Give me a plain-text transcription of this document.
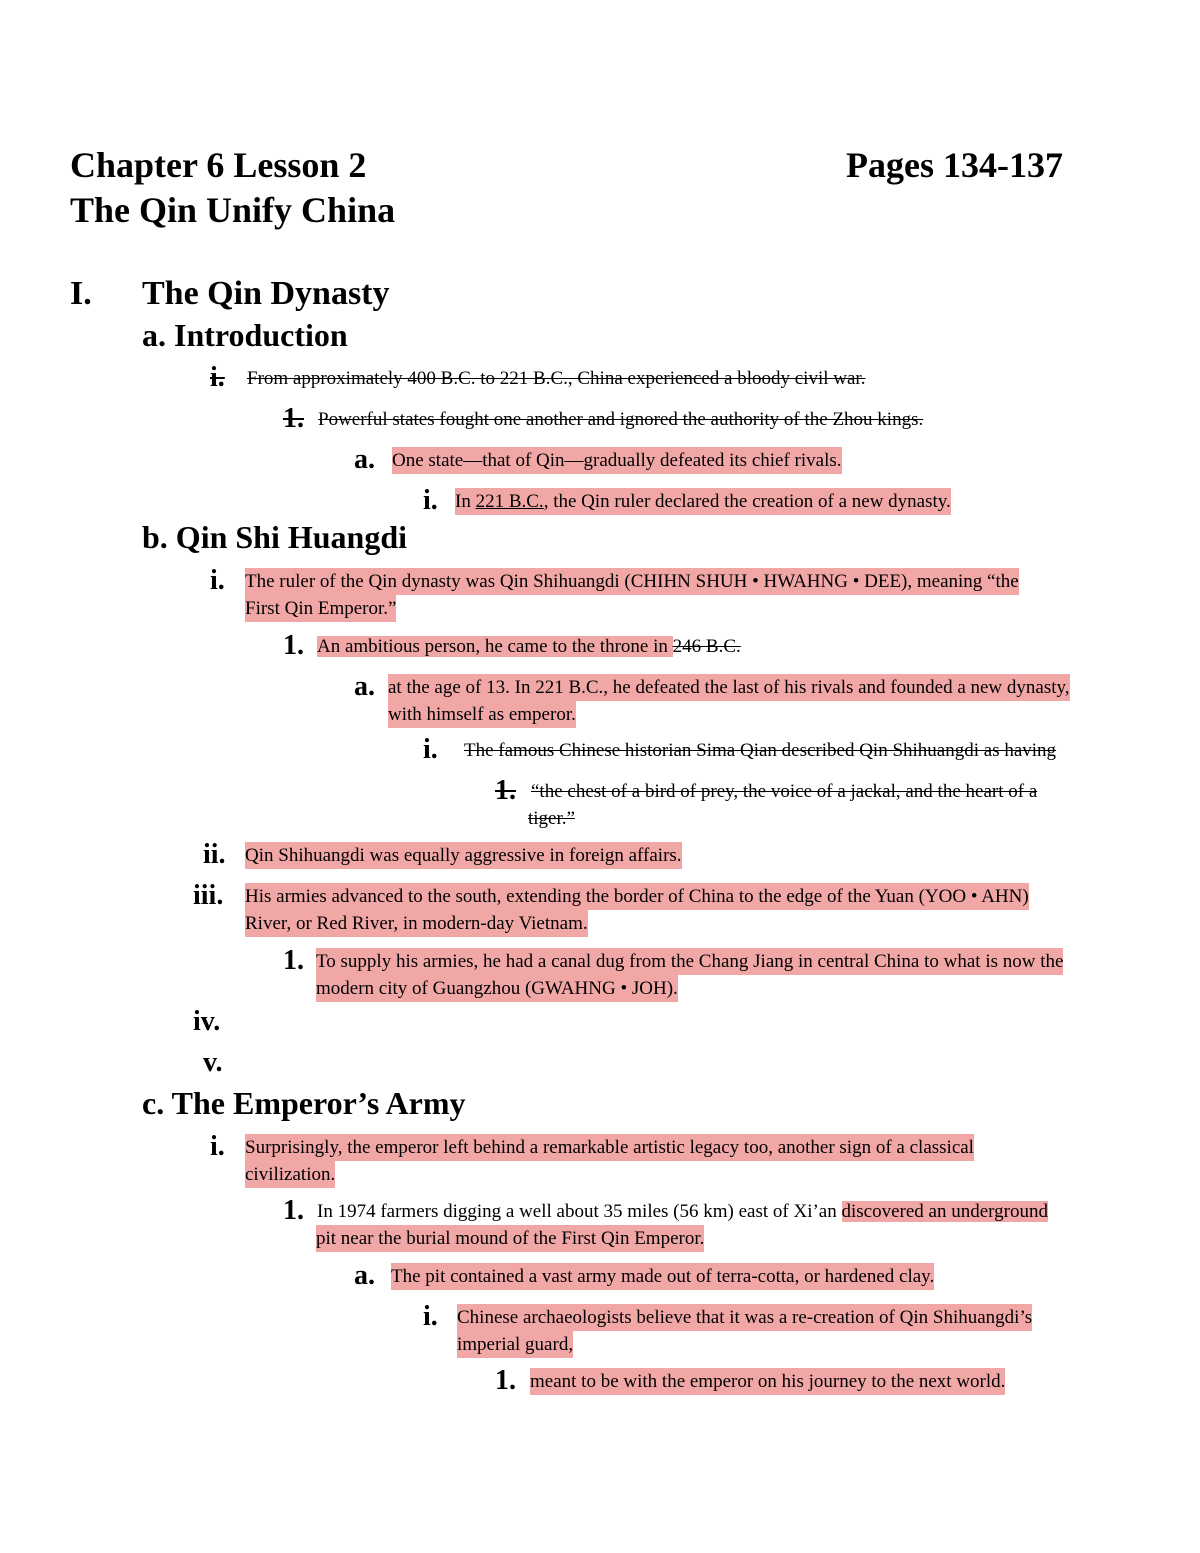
Chapter 6 Lesson 2
The Qin Unify China
Pages 134-137
I. The Qin Dynasty
a. Introduction
i. From approximately 400 B.C. to 221 B.C., China experienced a bloody civil war.
1. Powerful states fought one another and ignored the authority of the Zhou kings.
a. One state—that of Qin—gradually defeated its chief rivals.
i. In 221 B.C., the Qin ruler declared the creation of a new dynasty.
b. Qin Shi Huangdi
i. The ruler of the Qin dynasty was Qin Shihuangdi (CHIHN SHUH • HWAHNG • DEE), meaning “the
First Qin Emperor.”
1. An ambitious person, he came to the throne in 246 B.C.
a. at the age of 13. In 221 B.C., he defeated the last of his rivals and founded a new dynasty,
with himself as emperor.
i. The famous Chinese historian Sima Qian described Qin Shihuangdi as having
1. “the chest of a bird of prey, the voice of a jackal, and the heart of a
tiger.”
ii. Qin Shihuangdi was equally aggressive in foreign affairs.
iii. His armies advanced to the south, extending the border of China to the edge of the Yuan (YOO • AHN)
River, or Red River, in modern-day Vietnam.
1. To supply his armies, he had a canal dug from the Chang Jiang in central China to what is now the
modern city of Guangzhou (GWAHNG • JOH).
iv.
v.
c. The Emperor’s Army
i. Surprisingly, the emperor left behind a remarkable artistic legacy too, another sign of a classical
civilization.
1. In 1974 farmers digging a well about 35 miles (56 km) east of Xi’an discovered an underground
pit near the burial mound of the First Qin Emperor.
a. The pit contained a vast army made out of terra-cotta, or hardened clay.
i. Chinese archaeologists believe that it was a re-creation of Qin Shihuangdi’s
imperial guard,
1. meant to be with the emperor on his journey to the next world.
